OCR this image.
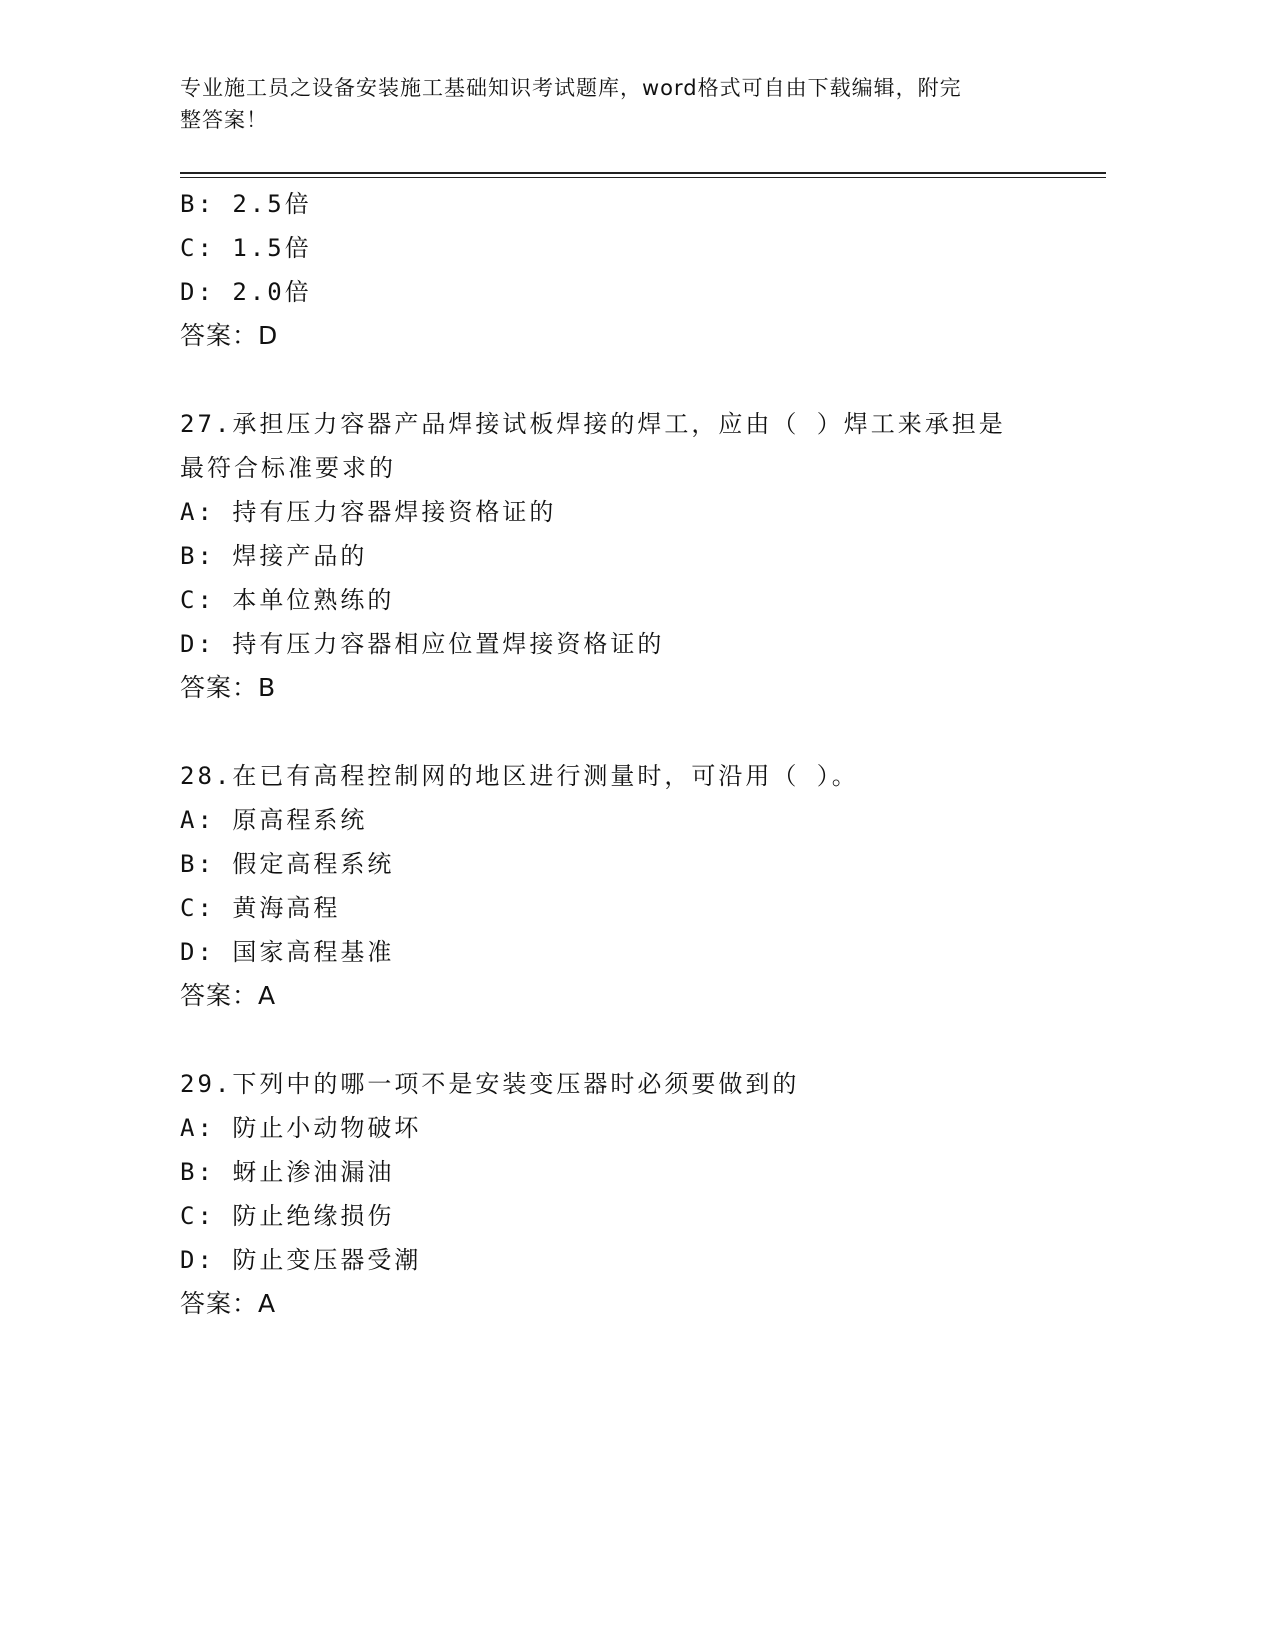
专业施工员之设备安装施工基础知识考试题库，word格式可自由下载编辑，附完
整答案！
B: 2.5倍
C: 1.5倍
D: 2.0倍
答案：D
27.承担压力容器产品焊接试板焊接的焊工，应由（ ）焊工来承担是
最符合标准要求的
A: 持有压力容器焊接资格证的
B: 焊接产品的
C: 本单位熟练的
D: 持有压力容器相应位置焊接资格证的
答案：B
28.在已有高程控制网的地区进行测量时，可沿用（ ）。
A: 原高程系统
B: 假定高程系统
C: 黄海高程
D: 国家高程基准
答案：A
29.下列中的哪一项不是安装变压器时必须要做到的
A: 防止小动物破坏
B: 蚜止渗油漏油
C: 防止绝缘损伤
D: 防止变压器受潮
答案：A
